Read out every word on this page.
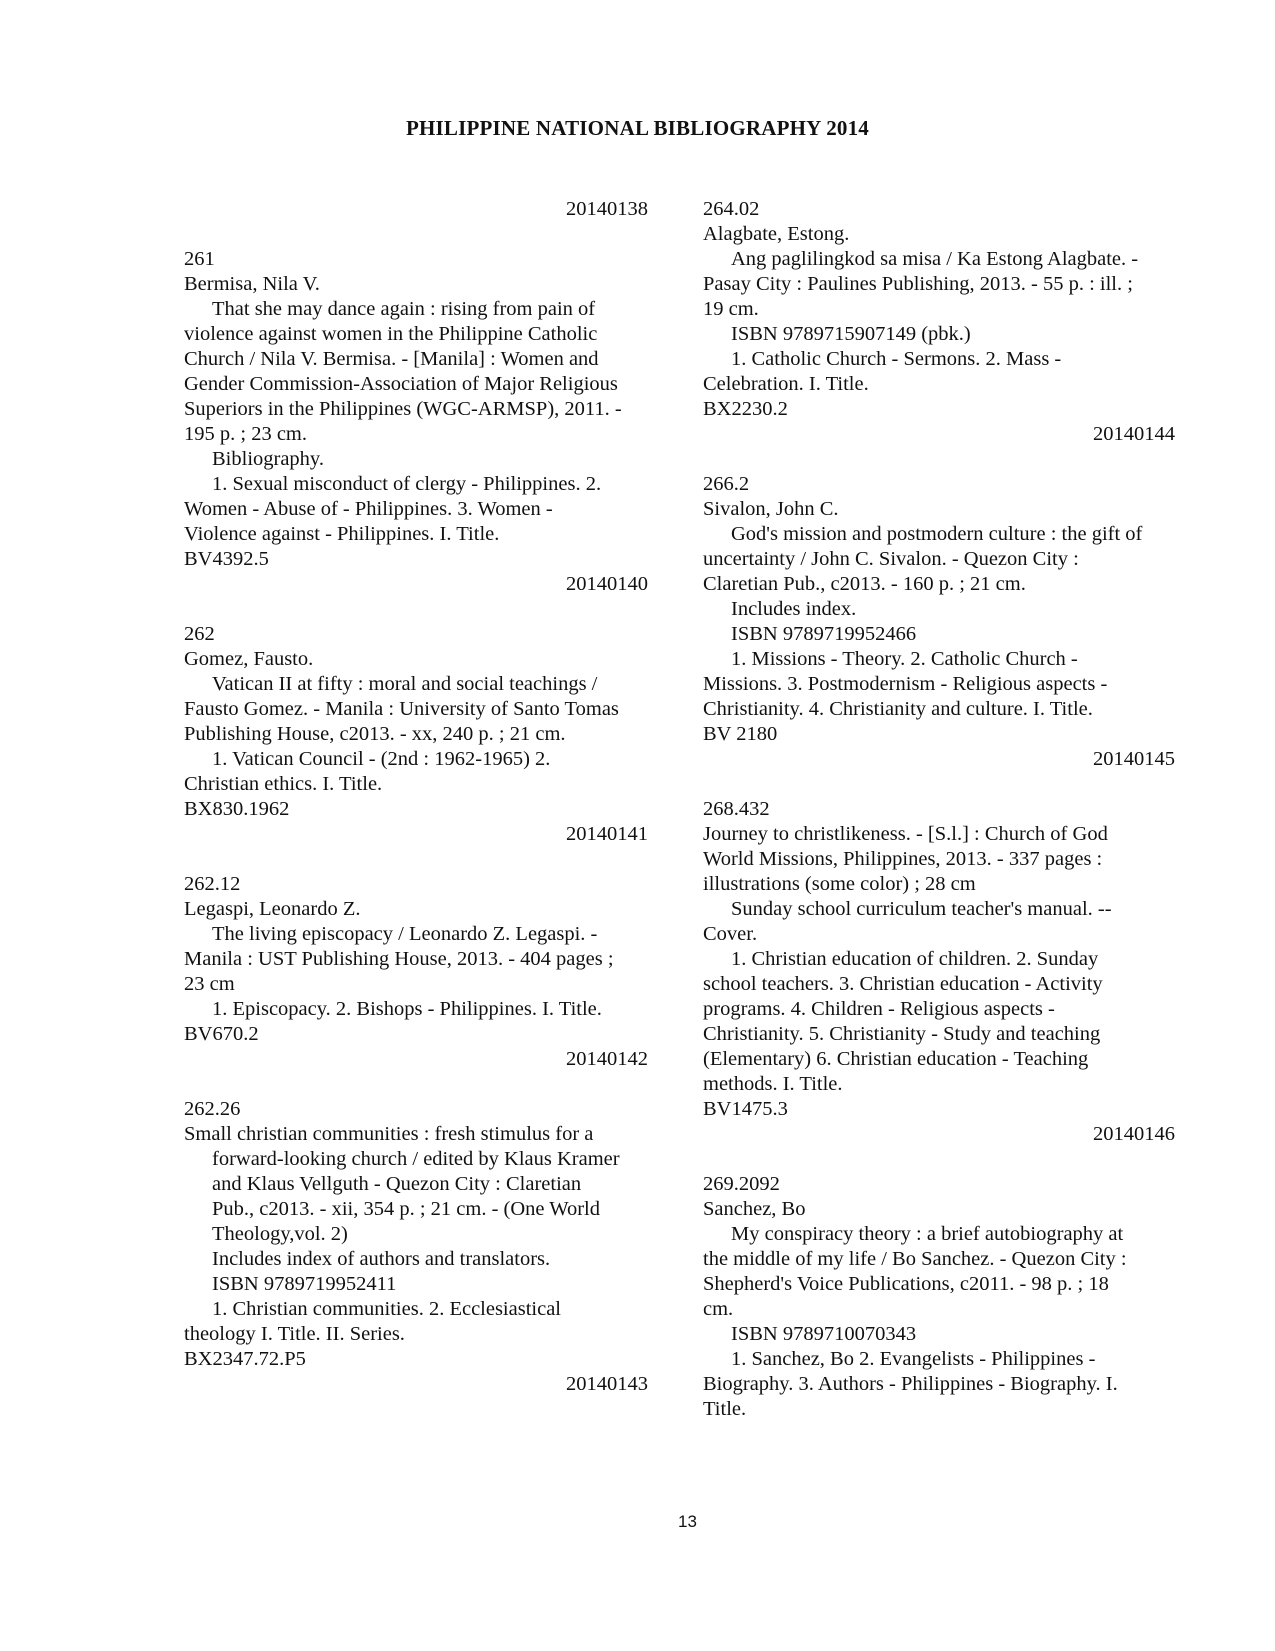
PHILIPPINE NATIONAL BIBLIOGRAPHY 2014
20140138
261
Bermisa, Nila V.
That she may dance again : rising from pain of
violence against women in the Philippine Catholic
Church / Nila V. Bermisa. - [Manila] : Women and
Gender Commission-Association of Major Religious
Superiors in the Philippines (WGC-ARMSP), 2011. -
195 p. ; 23 cm.
Bibliography.
1. Sexual misconduct of clergy - Philippines. 2.
Women - Abuse of - Philippines. 3. Women -
Violence against - Philippines. I. Title.
BV4392.5
20140140
262
Gomez, Fausto.
Vatican II at fifty : moral and social teachings /
Fausto Gomez. - Manila : University of Santo Tomas
Publishing House, c2013. - xx, 240 p. ; 21 cm.
1. Vatican Council - (2nd : 1962-1965) 2.
Christian ethics. I. Title.
BX830.1962
20140141
262.12
Legaspi, Leonardo Z.
The living episcopacy / Leonardo Z. Legaspi. -
Manila : UST Publishing House, 2013. - 404 pages ;
23 cm
1. Episcopacy. 2. Bishops - Philippines. I. Title.
BV670.2
20140142
262.26
Small christian communities : fresh stimulus for a
forward-looking church / edited by Klaus Kramer
and Klaus Vellguth - Quezon City : Claretian
Pub., c2013. - xii, 354 p. ; 21 cm. - (One World
Theology,vol. 2)
Includes index of authors and translators.
ISBN 9789719952411
1. Christian communities. 2. Ecclesiastical
theology I. Title. II. Series.
BX2347.72.P5
20140143
264.02
Alagbate, Estong.
Ang paglilingkod sa misa / Ka Estong Alagbate. -
Pasay City : Paulines Publishing, 2013. - 55 p. : ill. ;
19 cm.
ISBN 9789715907149 (pbk.)
1. Catholic Church - Sermons. 2. Mass -
Celebration. I. Title.
BX2230.2
20140144
266.2
Sivalon, John C.
God's mission and postmodern culture : the gift of
uncertainty / John C. Sivalon. - Quezon City :
Claretian Pub., c2013. - 160 p. ; 21 cm.
Includes index.
ISBN 9789719952466
1. Missions - Theory. 2. Catholic Church -
Missions. 3. Postmodernism - Religious aspects -
Christianity. 4. Christianity and culture. I. Title.
BV 2180
20140145
268.432
Journey to christlikeness. - [S.l.] : Church of God
World Missions, Philippines, 2013. - 337 pages :
illustrations (some color) ; 28 cm
Sunday school curriculum teacher's manual. --
Cover.
1. Christian education of children. 2. Sunday
school teachers. 3. Christian education - Activity
programs. 4. Children - Religious aspects -
Christianity. 5. Christianity - Study and teaching
(Elementary) 6. Christian education - Teaching
methods. I. Title.
BV1475.3
20140146
269.2092
Sanchez, Bo
My conspiracy theory : a brief autobiography at
the middle of my life / Bo Sanchez. - Quezon City :
Shepherd's Voice Publications, c2011. - 98 p. ; 18
cm.
ISBN 9789710070343
1. Sanchez, Bo 2. Evangelists - Philippines -
Biography. 3. Authors - Philippines - Biography. I.
Title.
13
